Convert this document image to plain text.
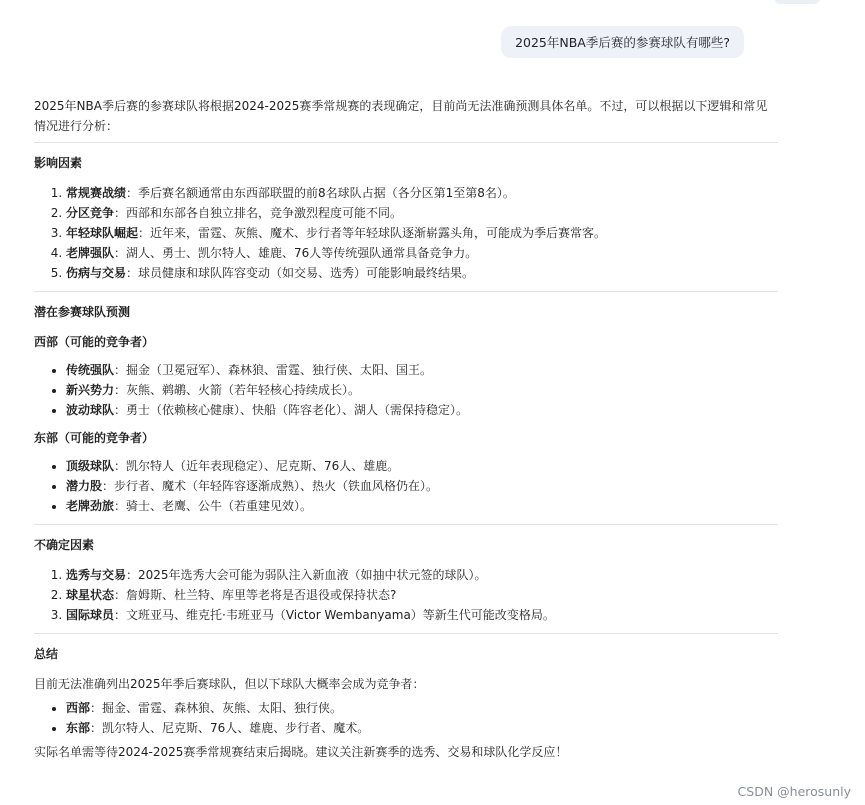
2025年NBA季后赛的参赛球队有哪些?

2025年NBA季后赛的参赛球队将根据2024-2025赛季常规赛的表现确定，目前尚无法准确预测具体名单。不过，可以根据以下逻辑和常见情况进行分析：

影响因素
1. 常规赛战绩：季后赛名额通常由东西部联盟的前8名球队占据（各分区第1至第8名）。
2. 分区竞争：西部和东部各自独立排名，竞争激烈程度可能不同。
3. 年轻球队崛起：近年来，雷霆、灰熊、魔术、步行者等年轻球队逐渐崭露头角，可能成为季后赛常客。
4. 老牌强队：湖人、勇士、凯尔特人、雄鹿、76人等传统强队通常具备竞争力。
5. 伤病与交易：球员健康和球队阵容变动（如交易、选秀）可能影响最终结果。
潜在参赛球队预测
西部（可能的竞争者）
• 传统强队：掘金（卫冕冠军）、森林狼、雷霆、独行侠、太阳、国王。
• 新兴势力：灰熊、鹈鹕、火箭（若年轻核心持续成长）。
• 波动球队：勇士（依赖核心健康）、快船（阵容老化）、湖人（需保持稳定）。
东部（可能的竞争者）
• 顶级球队：凯尔特人（近年表现稳定）、尼克斯、76人、雄鹿。
• 潜力股：步行者、魔术（年轻阵容逐渐成熟）、热火（铁血风格仍在）。
• 老牌劲旅：骑士、老鹰、公牛（若重建见效）。
不确定因素
1. 选秀与交易：2025年选秀大会可能为弱队注入新血液（如抽中状元签的球队）。
2. 球星状态：詹姆斯、杜兰特、库里等老将是否退役或保持状态?
3. 国际球员：文班亚马、维克托·韦班亚马（Victor Wembanyama）等新生代可能改变格局。
总结

目前无法准确列出2025年季后赛球队，但以下球队大概率会成为竞争者：

• 西部：掘金、雷霆、森林狼、灰熊、太阳、独行侠。
• 东部：凯尔特人、尼克斯、76人、雄鹿、步行者、魔术。

实际名单需等待2024-2025赛季常规赛结束后揭晓。建议关注新赛季的选秀、交易和球队化学反应！

CSDN @herosunly
